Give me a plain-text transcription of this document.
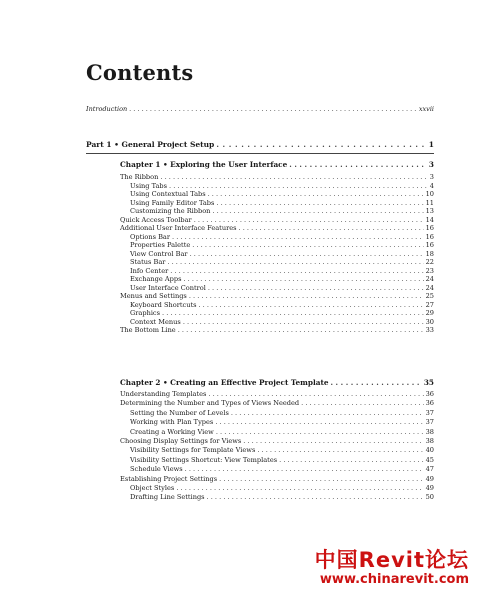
Contents
Introduction . . .	xxvii
Part 1 • General Project Setup . . .	1
Chapter 1 • Exploring the User Interface . . .	3
The Ribbon . . .	3
Using Tabs . . .	4
Using Contextual Tabs . . .	10
Using Family Editor Tabs . . .	11
Customizing the Ribbon . . .	13
Quick Access Toolbar . . .	14
Additional User Interface Features . . .	16
Options Bar . . .	16
Properties Palette . . .	16
View Control Bar . . .	18
Status Bar . . .	22
Info Center . . .	23
Exchange Apps . . .	24
User Interface Control . . .	24
Menus and Settings . . .	25
Keyboard Shortcuts . . .	27
Graphics . . .	29
Context Menus . . .	30
The Bottom Line . . .	33
Chapter 2 • Creating an Effective Project Template . . .	35
Understanding Templates . . .	36
Determining the Number and Types of Views Needed . . .	36
Setting the Number of Levels . . .	37
Working with Plan Types . . .	37
Creating a Working View . . .	38
Choosing Display Settings for Views . . .	38
Visibility Settings for Template Views . . .	40
Visibility Settings Shortcut: View Templates . . .	45
Schedule Views . . .	47
Establishing Project Settings . . .	49
Object Styles . . .	49
Drafting Line Settings . . .	50
中国Revit论坛
www.chinarevit.com
